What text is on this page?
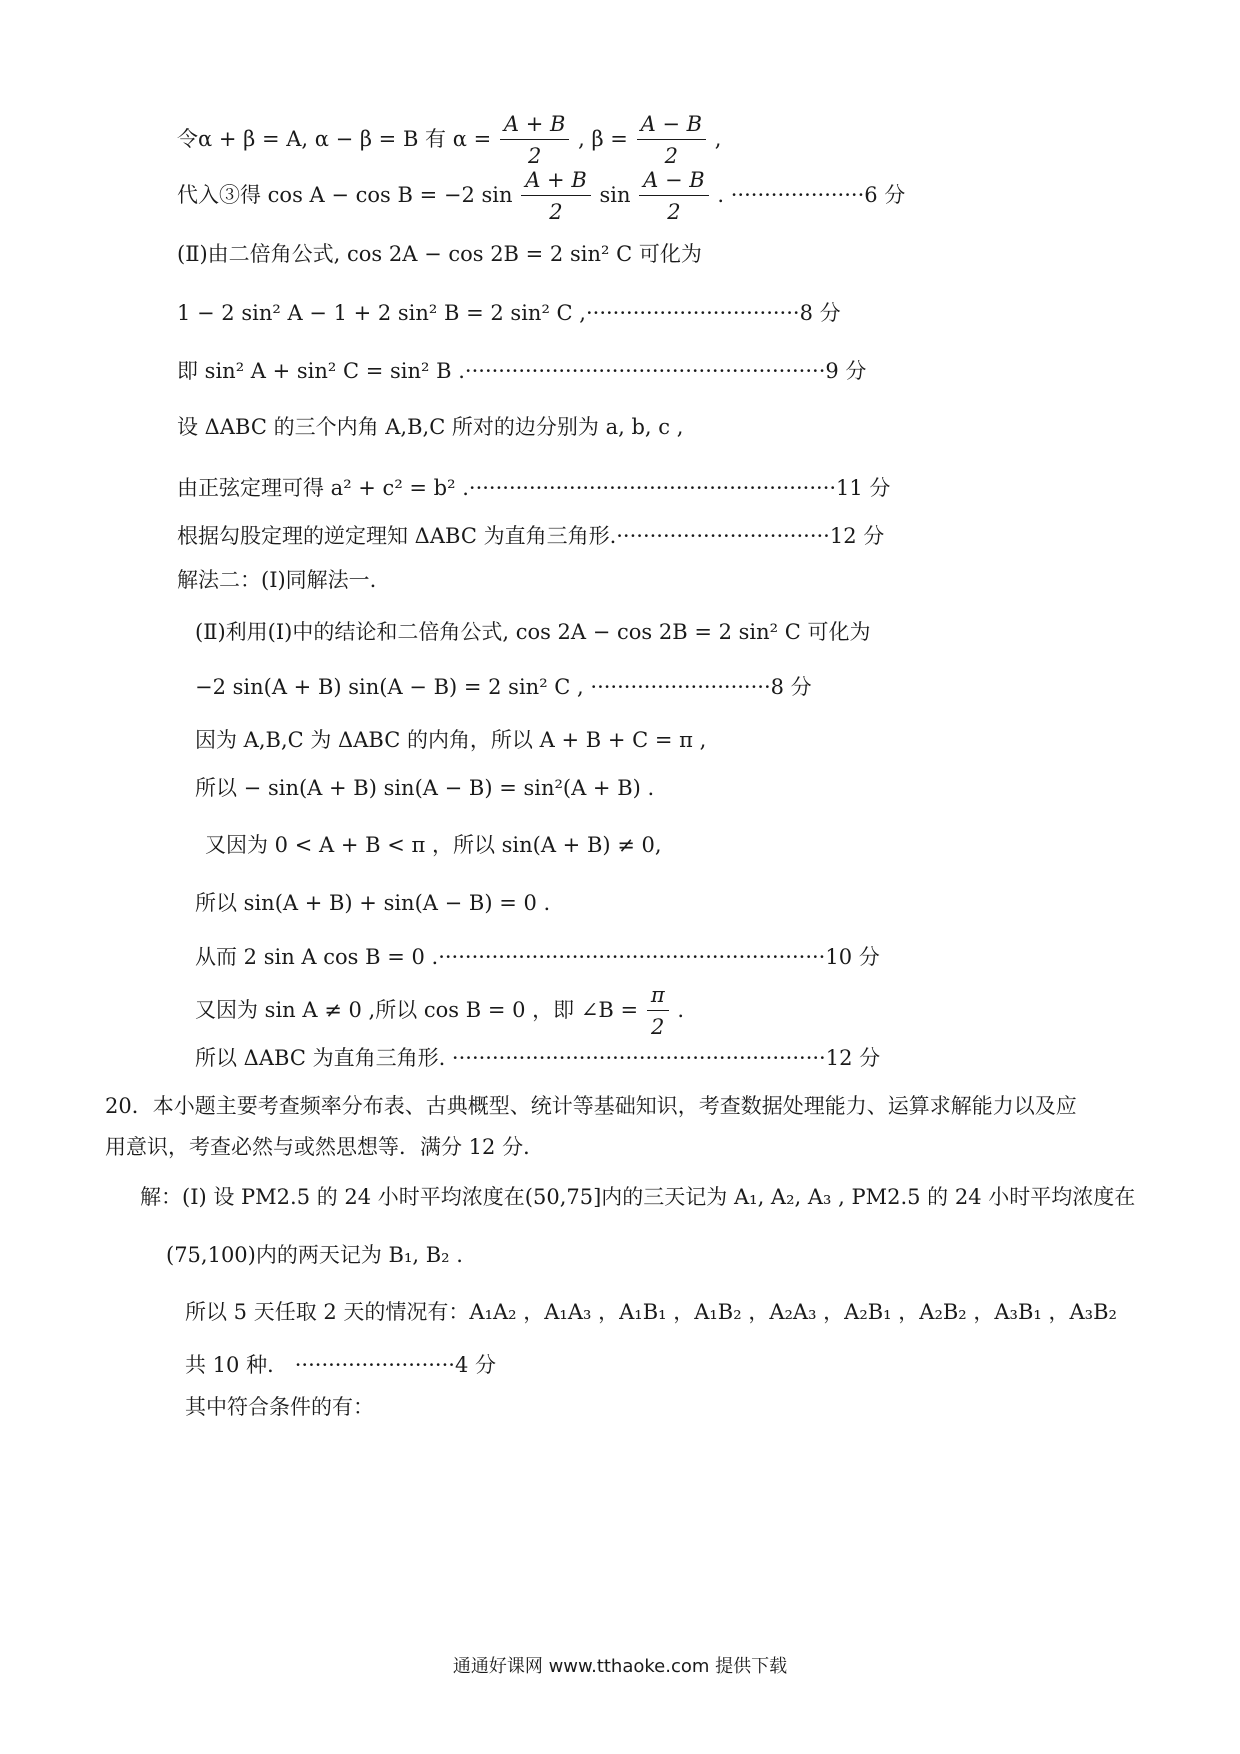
令α + β = A, α − β = B 有 $\alpha = \frac{A + B}{2}$ , $\beta = \frac{A - B}{2}$ ,
代入③得 cos A − cos B = −2 $\sin \frac{A + B}{2}$ $\sin \frac{A - B}{2}$ . ····················6 分
(Ⅱ)由二倍角公式, cos 2A − cos 2B = 2 sin² C 可化为
1 − 2 sin² A − 1 + 2 sin² B = 2 sin² C ,································8 分
即 sin² A + sin² C = sin² B .······················································9 分
设 ΔABC 的三个内角 A,B,C 所对的边分别为 a, b, c ,
由正弦定理可得 a² + c² = b² .·······················································11 分
根据勾股定理的逆定理知 ΔABC 为直角三角形.································12 分
解法二：(Ⅰ)同解法一.
(Ⅱ)利用(Ⅰ)中的结论和二倍角公式, cos 2A − cos 2B = 2 sin² C 可化为
−2 sin(A + B) sin(A − B) = 2 sin² C , ···························8 分
因为 A,B,C 为 ΔABC 的内角，所以 A + B + C = π ,
所以 − sin(A + B) sin(A − B) = sin²(A + B) .
又因为 0 < A + B < π ，所以 sin(A + B) ≠ 0,
所以 sin(A + B) + sin(A − B) = 0 .
从而 2 sin A cos B = 0 .··························································10 分
又因为 sin A ≠ 0 ,所以 cos B = 0 ，即 ∠B = $\frac{\pi}{2}$ .
所以 ΔABC 为直角三角形. ························································12 分
20．本小题主要考查频率分布表、古典概型、统计等基础知识，考查数据处理能力、运算求解能力以及应
用意识，考查必然与或然思想等．满分 12 分．
解：(Ⅰ) 设 PM2.5 的 24 小时平均浓度在(50,75]内的三天记为 A₁, A₂, A₃ , PM2.5 的 24 小时平均浓度在
(75,100)内的两天记为 B₁, B₂ .
所以 5 天任取 2 天的情况有：A₁A₂ ，A₁A₃ ，A₁B₁ ，A₁B₂ ，A₂A₃ ，A₂B₁ ，A₂B₂ ，A₃B₁ ，A₃B₂
共 10 种． ························4 分
其中符合条件的有：
通通好课网 www.tthaoke.com 提供下载
